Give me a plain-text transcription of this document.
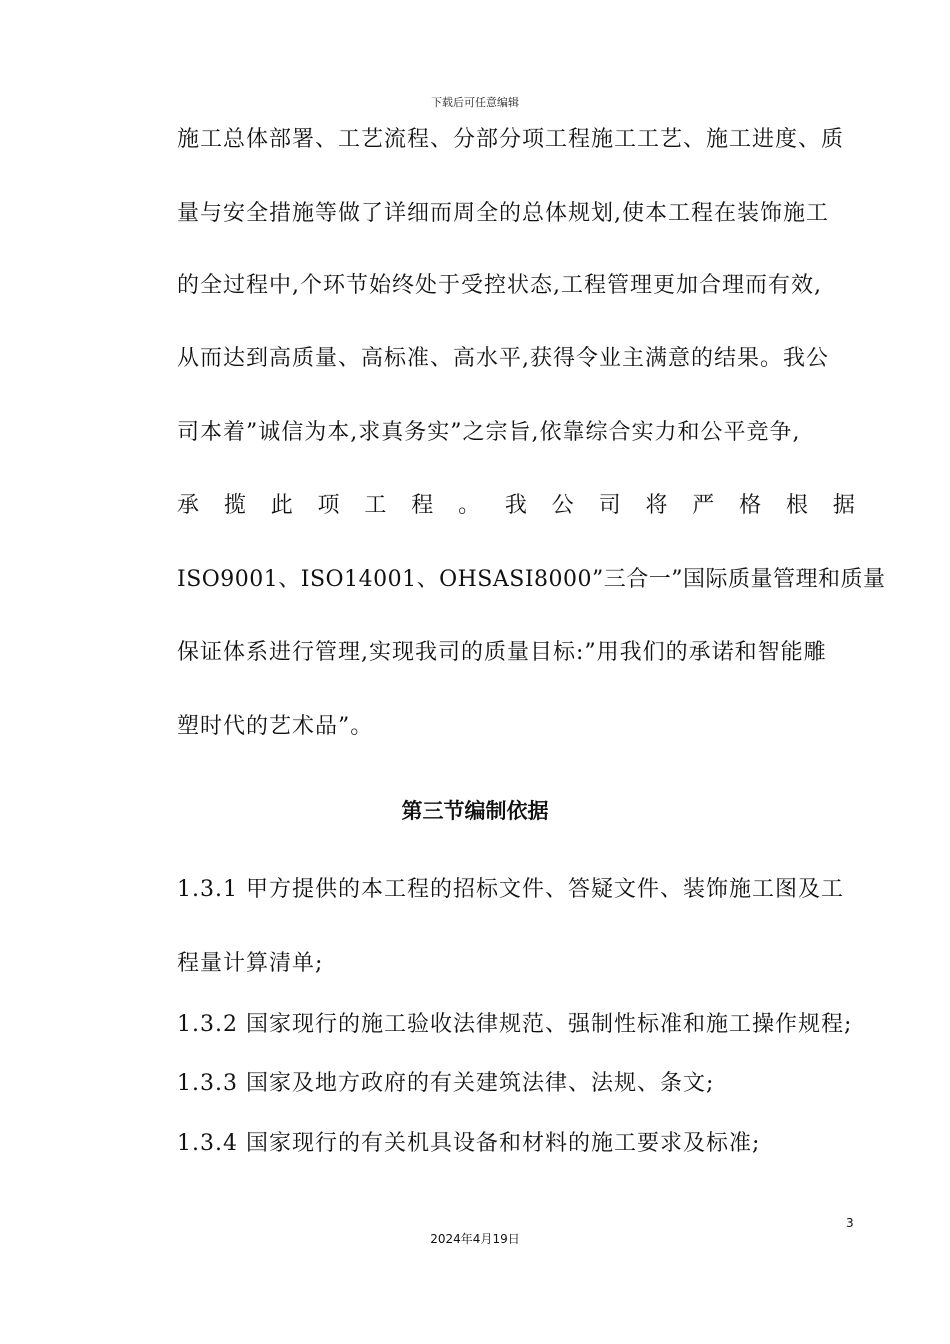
下载后可任意编辑
施工总体部署、工艺流程、分部分项工程施工工艺、施工进度、质
量与安全措施等做了详细而周全的总体规划,使本工程在装饰施工
的全过程中,个环节始终处于受控状态,工程管理更加合理而有效,
从而达到高质量、高标准、高水平,获得令业主满意的结果。我公
司本着”诚信为本,求真务实”之宗旨,依靠综合实力和公平竞争,
承 揽 此 项 工 程 。 我 公 司 将 严 格 根 据
ISO9001、ISO14001、OHSASI8000”三合一”国际质量管理和质量
保证体系进行管理,实现我司的质量目标:”用我们的承诺和智能雕
塑时代的艺术品”。
第三节编制依据
1.3.1 甲方提供的本工程的招标文件、答疑文件、装饰施工图及工
程量计算清单;
1.3.2 国家现行的施工验收法律规范、强制性标准和施工操作规程;
1.3.3 国家及地方政府的有关建筑法律、法规、条文;
1.3.4 国家现行的有关机具设备和材料的施工要求及标准;
3
2024年4月19日
